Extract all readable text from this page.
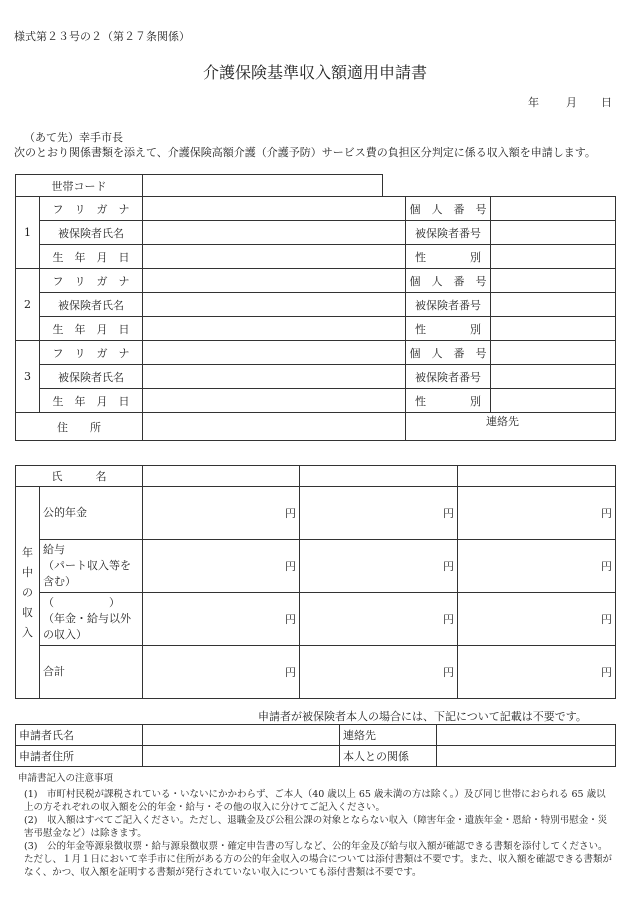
様式第２３号の２（第２７条関係）
介護保険基準収入額適用申請書
年 月 日
（あて先）幸手市長
次のとおり関係書類を添えて、介護保険高額介護（介護予防）サービス費の負担区分判定に係る収入額を申請します。
世帯コード	
1	フ　リ　ガ　ナ		個　人　番　号	
	被保険者氏名		被保険者番号	
	生　年　月　日		性　　　　別	
2	フ　リ　ガ　ナ		個　人　番　号	
	被保険者氏名		被保険者番号	
	生　年　月　日		性　　　　別	
3	フ　リ　ガ　ナ		個　人　番　号	
	被保険者氏名		被保険者番号	
	生　年　月　日		性　　　　別	
住　　所			連絡先	
氏　　　名				

年
中
の
収
入	公的年金	円	円	円
	給与
（パート収入等を含む）	円	円	円
	（　　　　　）
（年金・給与以外の収入）	円	円	円
	合計	円	円	円
申請者が被保険者本人の場合には、下記について記載は不要です。
申請者氏名		連絡先	
申請者住所		本人との関係	
申請書記入の注意事項
(1)　市町村民税が課税されている・いないにかかわらず、ご本人（40 歳以上 65 歳未満の方は除く。）及び同じ世帯におられる 65 歳以上の方それぞれの収入額を公的年金・給与・その他の収入に分けてご記入ください。
(2)　収入額はすべてご記入ください。ただし、退職金及び公租公課の対象とならない収入（障害年金・遺族年金・恩給・特別弔慰金・災害弔慰金など）は除きます。
(3)　公的年金等源泉徴収票・給与源泉徴収票・確定申告書の写しなど、公的年金及び給与収入額が確認できる書類を添付してください。ただし、１月１日において幸手市に住所がある方の公的年金収入の場合については添付書類は不要です。また、収入額を確認できる書類がなく、かつ、収入額を証明する書類が発行されていない収入についても添付書類は不要です。
